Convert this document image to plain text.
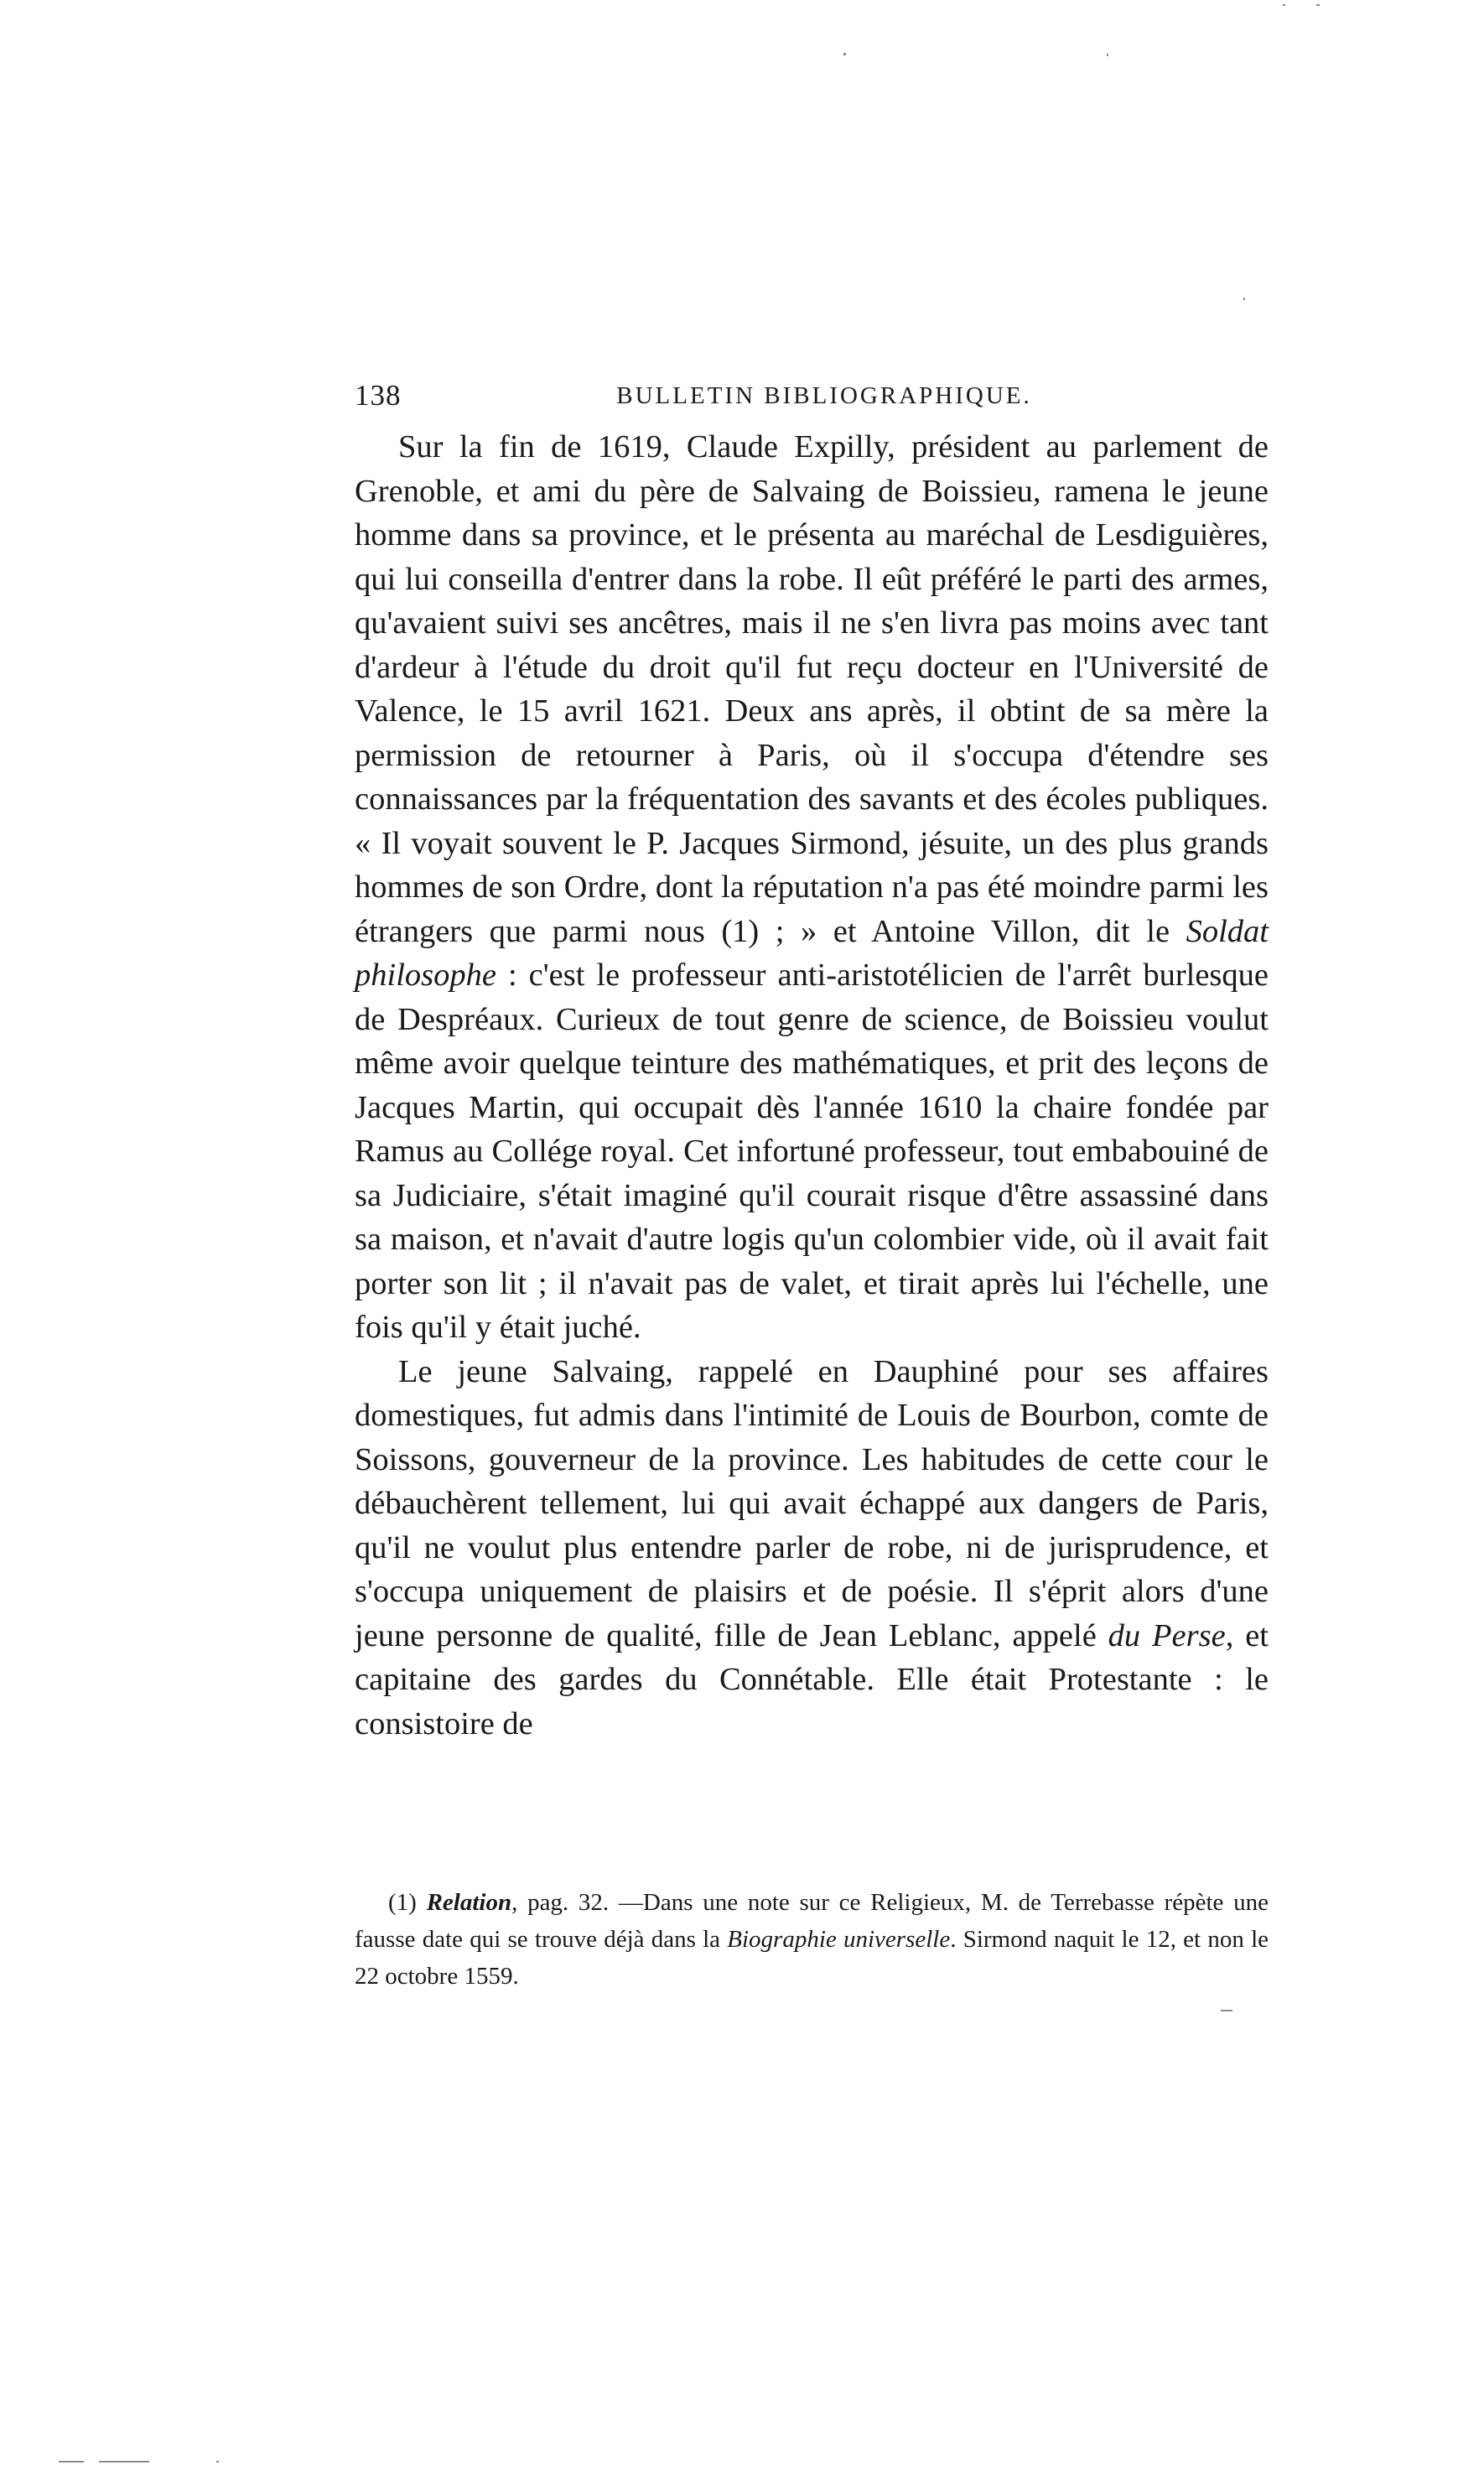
138	BULLETIN BIBLIOGRAPHIQUE.

Sur la fin de 1619, Claude Expilly, président au parlement de Grenoble, et ami du père de Salvaing de Boissieu, ramena le jeune homme dans sa province, et le présenta au maréchal de Lesdiguières, qui lui conseilla d'entrer dans la robe. Il eût préféré le parti des armes, qu'avaient suivi ses ancêtres, mais il ne s'en livra pas moins avec tant d'ardeur à l'étude du droit qu'il fut reçu docteur en l'Université de Valence, le 15 avril 1621. Deux ans après, il obtint de sa mère la permission de retourner à Paris, où il s'occupa d'étendre ses connaissances par la fréquentation des savants et des écoles publiques. « Il voyait souvent le P. Jacques Sirmond, jésuite, un des plus grands hommes de son Ordre, dont la réputation n'a pas été moindre parmi les étrangers que parmi nous (1) ; » et Antoine Villon, dit le Soldat philosophe : c'est le professeur anti-aristotélicien de l'arrêt burlesque de Despréaux. Curieux de tout genre de science, de Boissieu voulut même avoir quelque teinture des mathématiques, et prit des leçons de Jacques Martin, qui occupait dès l'année 1610 la chaire fondée par Ramus au Collége royal. Cet infortuné professeur, tout embabouiné de sa Judiciaire, s'était imaginé qu'il courait risque d'être assassiné dans sa maison, et n'avait d'autre logis qu'un colombier vide, où il avait fait porter son lit ; il n'avait pas de valet, et tirait après lui l'échelle, une fois qu'il y était juché.

Le jeune Salvaing, rappelé en Dauphiné pour ses affaires domestiques, fut admis dans l'intimité de Louis de Bourbon, comte de Soissons, gouverneur de la province. Les habitudes de cette cour le débauchèrent tellement, lui qui avait échappé aux dangers de Paris, qu'il ne voulut plus entendre parler de robe, ni de jurisprudence, et s'occupa uniquement de plaisirs et de poésie. Il s'éprit alors d'une jeune personne de qualité, fille de Jean Leblanc, appelé du Perse, et capitaine des gardes du Connétable. Elle était Protestante : le consistoire de

(1) Relation, pag. 32. —Dans une note sur ce Religieux, M. de Terrebasse répète une fausse date qui se trouve déjà dans la Biographie universelle. Sirmond naquit le 12, et non le 22 octobre 1559.
